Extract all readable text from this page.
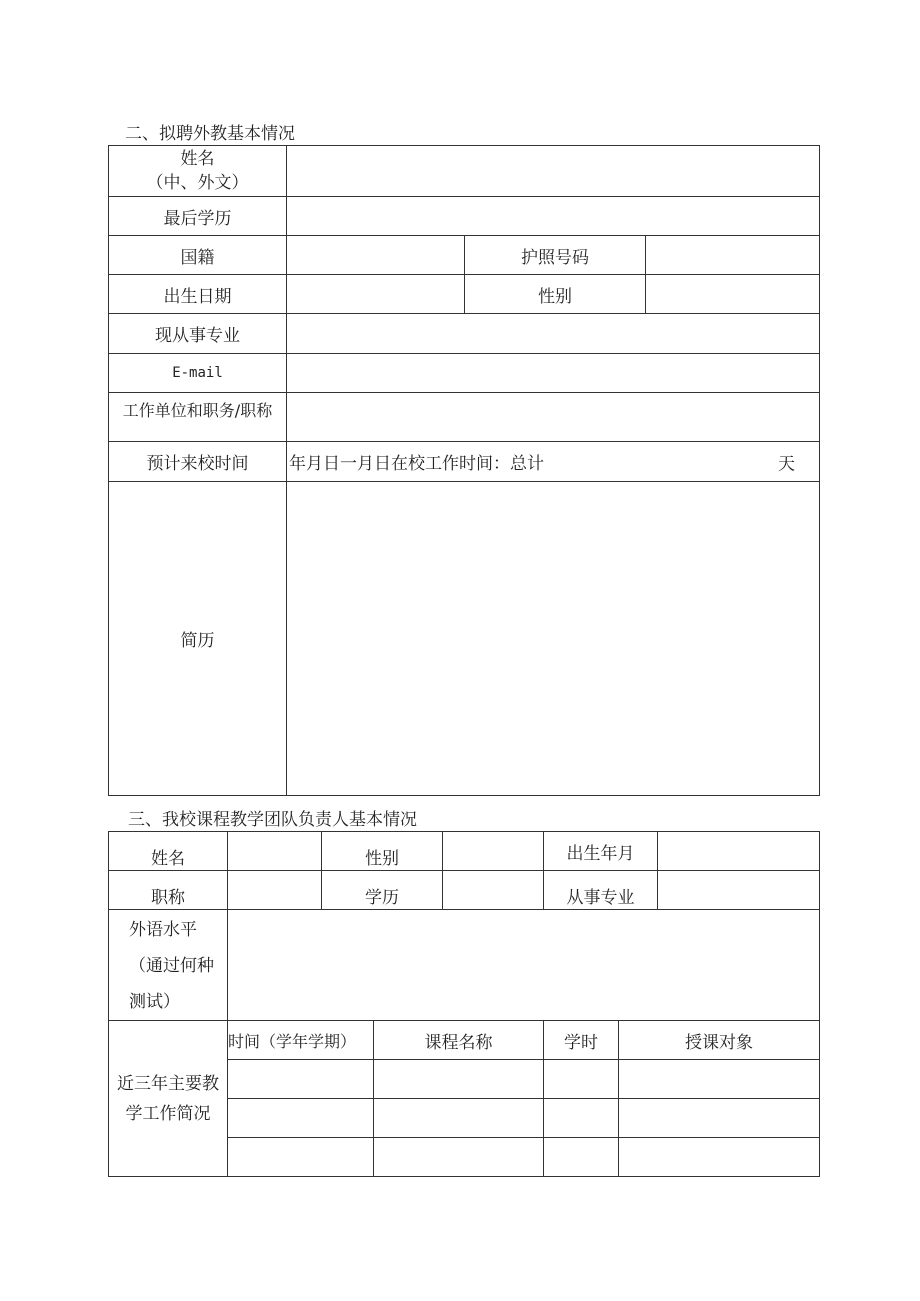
二、拟聘外教基本情况
姓名
（中、外文）			

最后学历			
国籍		护照号码	
出生日期		性别	
现从事专业			
E-mail			
工作单位和职务/职称			
预计来校时间	年月日一月日在校工作时间：总计 天		

简历			
三、我校课程教学团队负责人基本情况
姓名		性别			出生年月		
职称		学历			从事专业		

外语水平
（通过何种
测试）							

近三年主要教
学工作简况	时间（学年学期）		课程名称		学时	授课对象	
